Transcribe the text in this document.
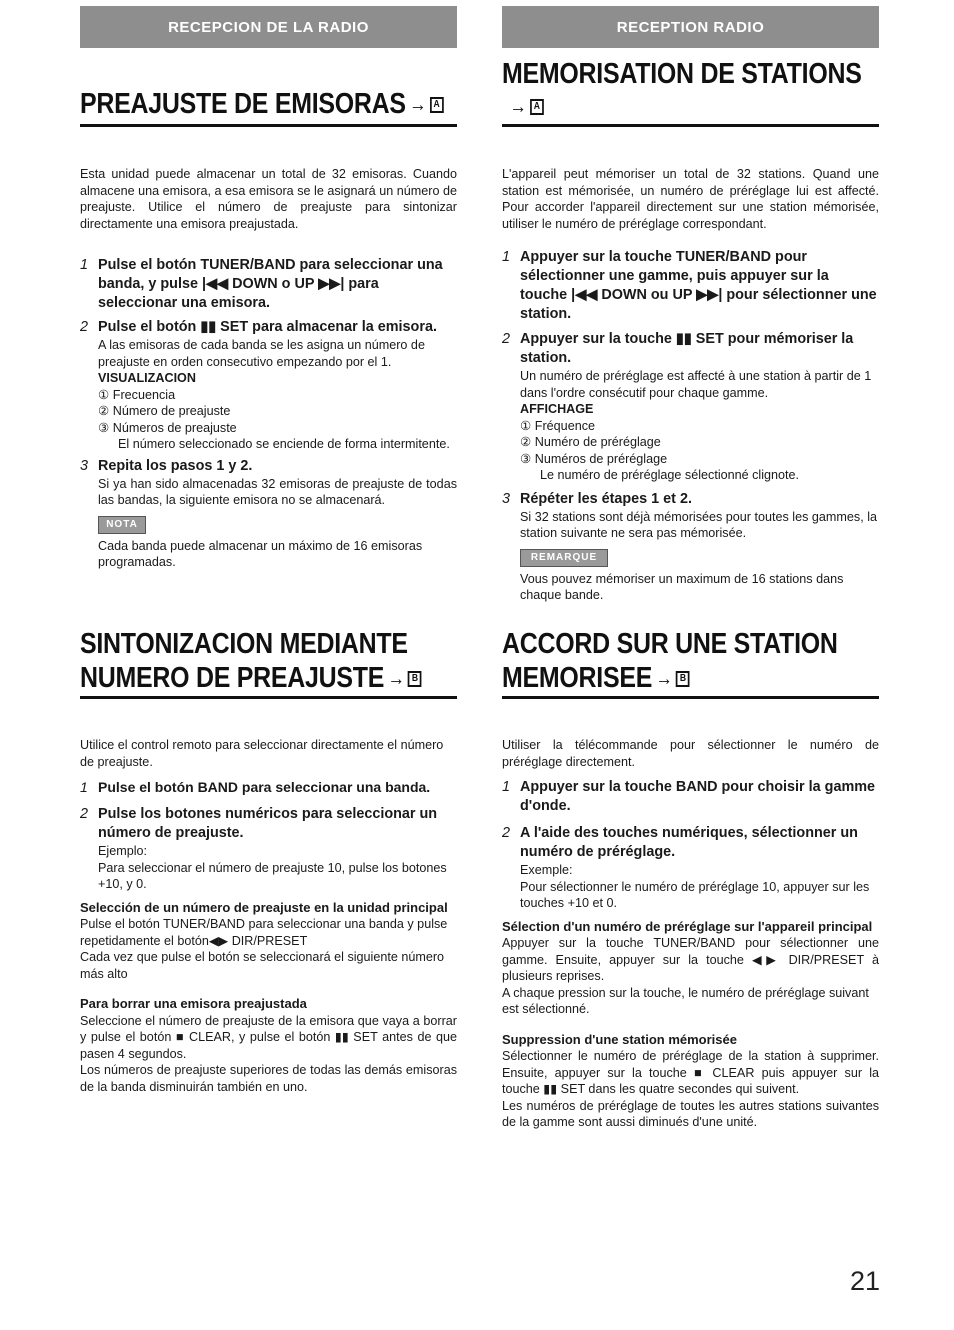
RECEPCION DE LA RADIO	RECEPTION RADIO
PREAJUSTE DE EMISORAS → A
MEMORISATION DE STATIONS
→ A

Esta unidad puede almacenar un total de 32 emisoras. Cuando almacene una emisora, a esa emisora se le asignará un número de preajuste. Utilice el número de preajuste para sintonizar directamente una emisora preajustada.

1 Pulse el botón TUNER/BAND para seleccionar una banda, y pulse |◀◀ DOWN o UP ▶▶| para seleccionar una emisora.
2 Pulse el botón ▮▮ SET para almacenar la emisora.

A las emisoras de cada banda se les asigna un número de preajuste en orden consecutivo empezando por el 1.

VISUALIZACION

① Frecuencia

② Número de preajuste

③ Números de preajuste

El número seleccionado se enciende de forma intermitente.

3 Repita los pasos 1 y 2.

Si ya han sido almacenadas 32 emisoras de preajuste de todas las bandas, la siguiente emisora no se almacenará.

NOTA

Cada banda puede almacenar un máximo de 16 emisoras programadas.

L'appareil peut mémoriser un total de 32 stations. Quand une station est mémorisée, un numéro de préréglage lui est affecté. Pour accorder l'appareil directement sur une station mémorisée, utiliser le numéro de préréglage correspondant.

1 Appuyer sur la touche TUNER/BAND pour sélectionner une gamme, puis appuyer sur la touche |◀◀ DOWN ou UP ▶▶| pour sélectionner une station.
2 Appuyer sur la touche ▮▮ SET pour mémoriser la station.

Un numéro de préréglage est affecté à une station à partir de 1 dans l'ordre consécutif pour chaque gamme.

AFFICHAGE

① Fréquence

② Numéro de préréglage

③ Numéros de préréglage

Le numéro de préréglage sélectionné clignote.

3 Répéter les étapes 1 et 2.

Si 32 stations sont déjà mémorisées pour toutes les gammes, la station suivante ne sera pas mémorisée.

REMARQUE

Vous pouvez mémoriser un maximum de 16 stations dans chaque bande.

SINTONIZACION MEDIANTE
NUMERO DE PREAJUSTE → B
ACCORD SUR UNE STATION
MEMORISEE → B

Utilice el control remoto para seleccionar directamente el número de preajuste.

1 Pulse el botón BAND para seleccionar una banda.
2 Pulse los botones numéricos para seleccionar un número de preajuste.

Ejemplo:

Para seleccionar el número de preajuste 10, pulse los botones +10, y 0.

Selección de un número de preajuste en la unidad principal

Pulse el botón TUNER/BAND para seleccionar una banda y pulse repetidamente el botón◀▶ DIR/PRESET

Cada vez que pulse el botón se seleccionará el siguiente número más alto

Para borrar una emisora preajustada

Seleccione el número de preajuste de la emisora que vaya a borrar y pulse el botón ■ CLEAR, y pulse el botón ▮▮ SET antes de que pasen 4 segundos.

Los números de preajuste superiores de todas las demás emisoras de la banda disminuirán también en uno.

Utiliser la télécommande pour sélectionner le numéro de préréglage directement.

1 Appuyer sur la touche BAND pour choisir la gamme d'onde.
2 A l'aide des touches numériques, sélectionner un numéro de préréglage.

Exemple:

Pour sélectionner le numéro de préréglage 10, appuyer sur les touches +10 et 0.

Sélection d'un numéro de préréglage sur l'appareil principal

Appuyer sur la touche TUNER/BAND pour sélectionner une gamme. Ensuite, appuyer sur la touche ◀▶ DIR/PRESET à plusieurs reprises.

A chaque pression sur la touche, le numéro de préréglage suivant est sélectionné.

Suppression d'une station mémorisée

Sélectionner le numéro de préréglage de la station à supprimer. Ensuite, appuyer sur la touche ■ CLEAR puis appuyer sur la touche ▮▮ SET dans les quatre secondes qui suivent.

Les numéros de préréglage de toutes les autres stations suivantes de la gamme sont aussi diminués d'une unité.

21
